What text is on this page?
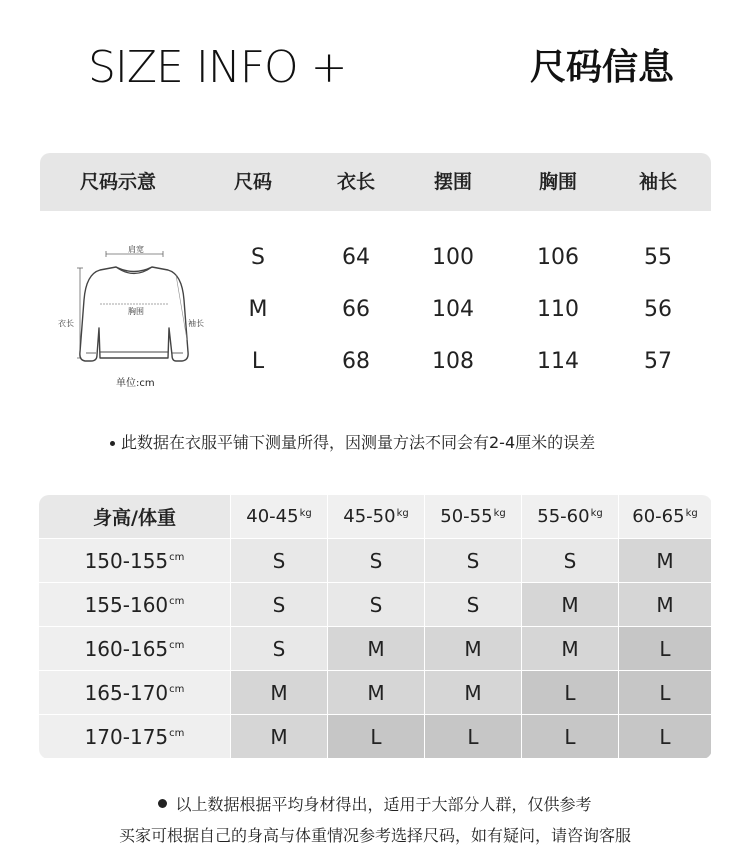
SIZE INFO +	尺码信息
尺码示意	尺码	衣长	摆围	胸围	袖长
S	64	100	106	55
M	66	104	110	56
L	68	108	114	57
肩宽
衣长
胸围
袖长
单位:cm
此数据在衣服平铺下测量所得，因测量方法不同会有2-4厘米的误差
身高/体重	$40-45^{kg}$ $45-50^{kg}$ $50-55^{kg}$ $55-60^{kg}$ $60-65^{kg}$
$150-155^{cm}$	S	S	S	S	M
$155-160^{cm}$	S	S	S	M	M
$160-165^{cm}$	S	M	M	M	L
$165-170^{cm}$	M	M	M	L	L
$170-175^{cm}$	M	L	L	L	L
以上数据根据平均身材得出，适用于大部分人群，仅供参考
买家可根据自己的身高与体重情况参考选择尺码，如有疑问，请咨询客服
